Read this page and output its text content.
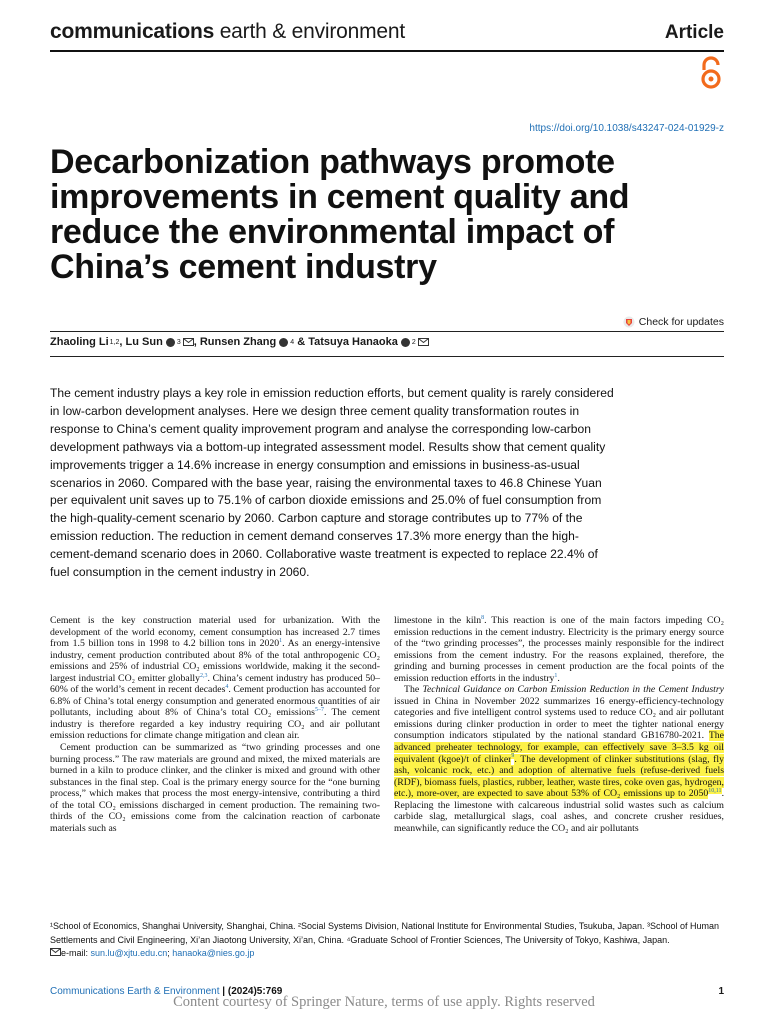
communications earth & environment	Article
https://doi.org/10.1038/s43247-024-01929-z
Decarbonization pathways promote improvements in cement quality and reduce the environmental impact of China’s cement industry
Check for updates
Zhaoling Li 1,2 , Lu Sun 3 , Runsen Zhang 4 & Tatsuya Hanaoka 2

The cement industry plays a key role in emission reduction efforts, but cement quality is rarely considered in low-carbon development analyses. Here we design three cement quality transformation routes in response to China’s cement quality improvement program and analyse the corresponding low-carbon development pathways via a bottom-up integrated assessment model. Results show that cement quality improvements trigger a 14.6% increase in energy consumption and emissions in business-as-usual scenarios in 2060. Compared with the base year, raising the environmental taxes to 46.8 Chinese Yuan per equivalent unit saves up to 75.1% of carbon dioxide emissions and 25.0% of fuel consumption from the high-quality-cement scenario by 2060. Carbon capture and storage contributes up to 77% of the emission reduction. The reduction in cement demand conserves 17.3% more energy than the high-cement-demand scenario does in 2060. Collaborative waste treatment is expected to replace 22.4% of fuel consumption in the cement industry in 2060.

Cement is the key construction material used for urbanization. With the development of the world economy, cement consumption has increased 2.7 times from 1.5 billion tons in 1998 to 4.2 billion tons in 2020$^1$. As an energy-intensive industry, cement production contributed about 8% of the total anthropogenic CO₂ emissions and 25% of industrial CO₂ emissions worldwide, making it the second-largest industrial CO₂ emitter globally$^{2,3}$. China’s cement industry has produced 50–60% of the world’s cement in recent decades$^4$. Cement production has accounted for 6.8% of China’s total energy consumption and generated enormous quantities of air pollutants, including about 8% of China’s total CO₂ emissions$^{5-7}$. The cement industry is therefore regarded a key industry requiring CO₂ and air pollutant emission reductions for climate change mitigation and clean air.

Cement production can be summarized as “two grinding processes and one burning process.” The raw materials are ground and mixed, the mixed materials are burned in a kiln to produce clinker, and the clinker is mixed and ground with other substances in the final step. Coal is the primary energy source for the “one burning process,” which makes that process the most energy-intensive, contributing a third of the total CO₂ emissions discharged in cement production. The remaining two-thirds of the CO₂ emissions come from the calcination reaction of carbonate materials such as

limestone in the kiln$^8$. This reaction is one of the main factors impeding CO₂ emission reductions in the cement industry. Electricity is the primary energy source of the “two grinding processes”, the processes mainly responsible for the indirect emissions from the cement industry. For the reasons explained, therefore, the grinding and burning processes in cement production are the focal points of the emission reduction efforts in the industry$^1$.

The Technical Guidance on Carbon Emission Reduction in the Cement Industry issued in China in November 2022 summarizes 16 energy-efficiency-technology categories and five intelligent control systems used to reduce CO₂ and air pollutant emissions during clinker production in order to meet the tighter national energy consumption indicators stipulated by the national standard GB16780-2021. The advanced preheater technology, for example, can effectively save 3–3.5 kg oil equivalent (kgoe)/t of clinker$^9$. The development of clinker substitutions (slag, fly ash, volcanic rock, etc.) and adoption of alternative fuels (refuse-derived fuels (RDF), biomass fuels, plastics, rubber, leather, waste tires, coke oven gas, hydrogen, etc.), more-over, are expected to save about 53% of CO₂ emissions up to 2050$^{10,11}$. Replacing the limestone with calcareous industrial solid wastes such as calcium carbide slag, metallurgical slags, coal ashes, and concrete crusher residues, meanwhile, can significantly reduce the CO₂ and air pollutants

¹School of Economics, Shanghai University, Shanghai, China. ²Social Systems Division, National Institute for Environmental Studies, Tsukuba, Japan. ³School of Human Settlements and Civil Engineering, Xi’an Jiaotong University, Xi’an, China. ⁴Graduate School of Frontier Sciences, The University of Tokyo, Kashiwa, Japan.
e-mail: sun.lu@xjtu.edu.cn; hanaoka@nies.go.jp

Communications Earth & Environment | (2024)5:769	1
Content courtesy of Springer Nature, terms of use apply. Rights reserved
